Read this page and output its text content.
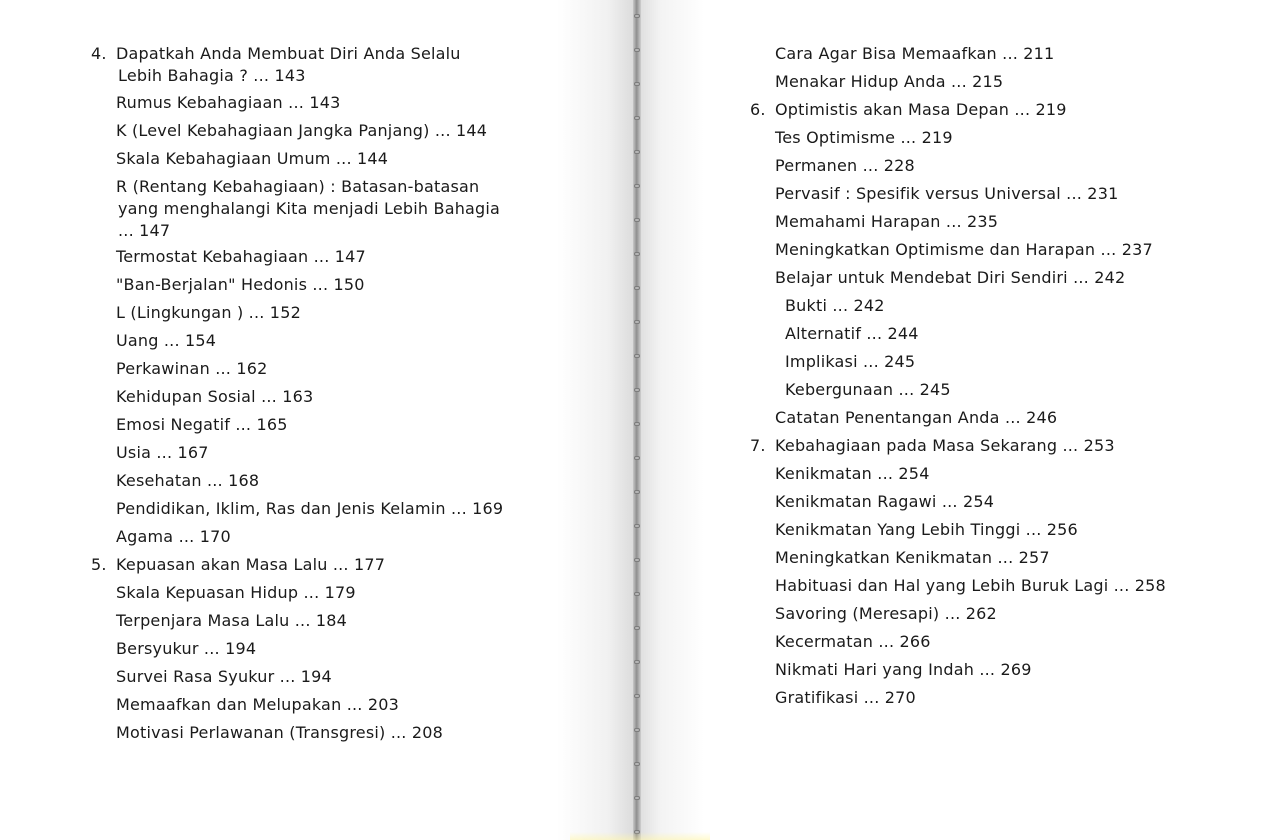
4. Dapatkah Anda Membuat Diri Anda Selalu
Lebih Bahagia ? ... 143
Rumus Kebahagiaan ... 143
K (Level Kebahagiaan Jangka Panjang) ... 144
Skala Kebahagiaan Umum ... 144
R (Rentang Kebahagiaan) : Batasan-batasan
yang menghalangi Kita menjadi Lebih Bahagia
... 147
Termostat Kebahagiaan ... 147
"Ban-Berjalan" Hedonis ... 150
L (Lingkungan ) ... 152
Uang ... 154
Perkawinan ... 162
Kehidupan Sosial ... 163
Emosi Negatif ... 165
Usia ... 167
Kesehatan ... 168
Pendidikan, Iklim, Ras dan Jenis Kelamin ... 169
Agama ... 170
5. Kepuasan akan Masa Lalu ... 177
Skala Kepuasan Hidup ... 179
Terpenjara Masa Lalu ... 184
Bersyukur ... 194
Survei Rasa Syukur ... 194
Memaafkan dan Melupakan ... 203
Motivasi Perlawanan (Transgresi) ... 208
Cara Agar Bisa Memaafkan ... 211
Menakar Hidup Anda ... 215
6. Optimistis akan Masa Depan ... 219
Tes Optimisme ... 219
Permanen ... 228
Pervasif : Spesifik versus Universal ... 231
Memahami Harapan ... 235
Meningkatkan Optimisme dan Harapan ... 237
Belajar untuk Mendebat Diri Sendiri ... 242
Bukti ... 242
Alternatif ... 244
Implikasi ... 245
Kebergunaan ... 245
Catatan Penentangan Anda ... 246
7. Kebahagiaan pada Masa Sekarang ... 253
Kenikmatan ... 254
Kenikmatan Ragawi ... 254
Kenikmatan Yang Lebih Tinggi ... 256
Meningkatkan Kenikmatan ... 257
Habituasi dan Hal yang Lebih Buruk Lagi ... 258
Savoring (Meresapi) ... 262
Kecermatan ... 266
Nikmati Hari yang Indah ... 269
Gratifikasi ... 270
